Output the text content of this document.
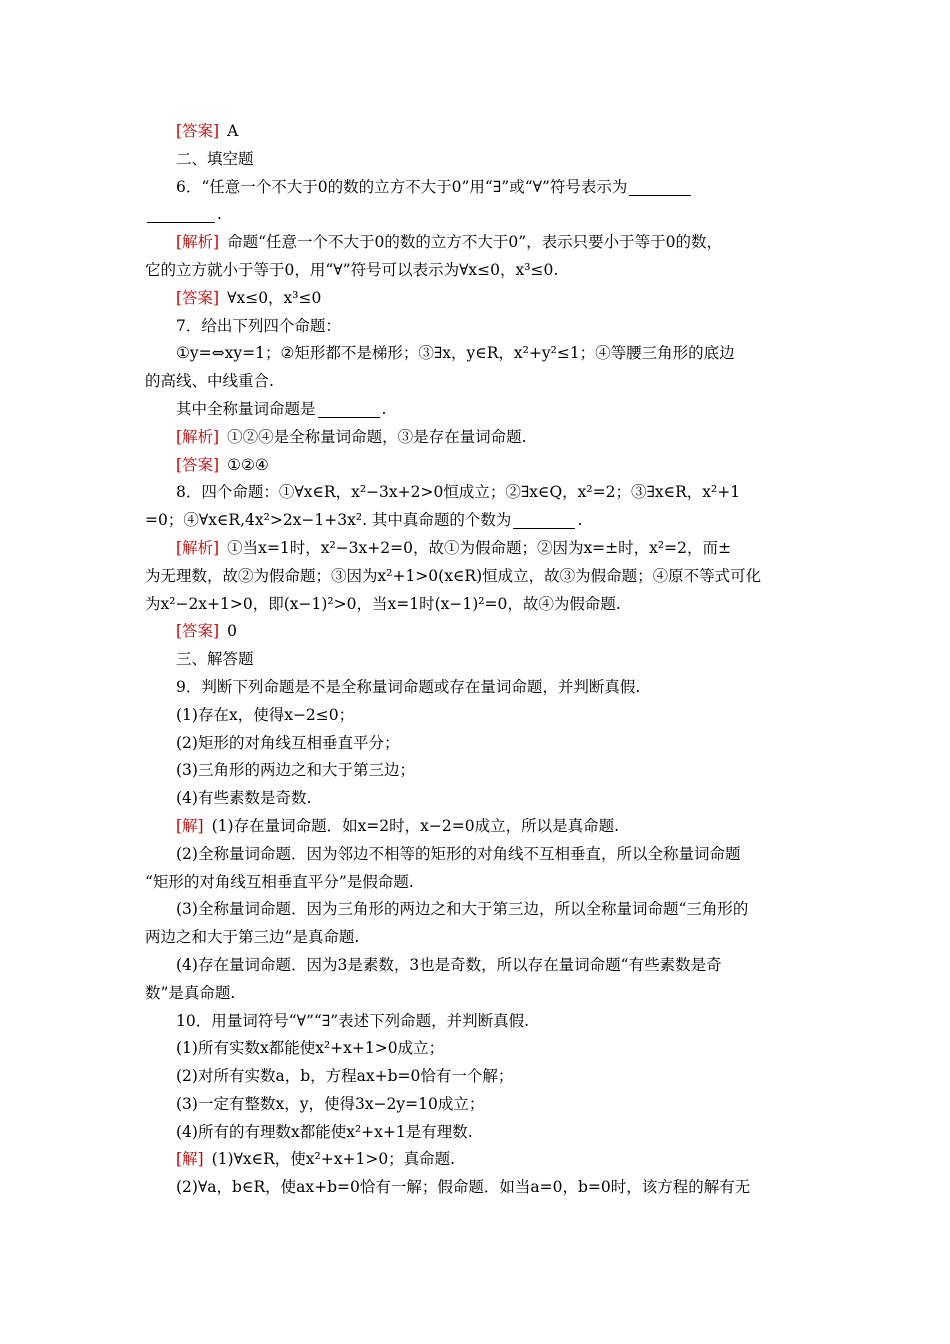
[答案] A
二、填空题
6．“任意一个不大于0的数的立方不大于0”用“∃”或“∀”符号表示为
.
[解析] 命题“任意一个不大于0的数的立方不大于0”，表示只要小于等于0的数，
它的立方就小于等于0，用“∀”符号可以表示为∀x≤0，x³≤0.
[答案] ∀x≤0，x³≤0
7．给出下列四个命题：
①y=⇔xy=1；②矩形都不是梯形；③∃x，y∈R，x²+y²≤1；④等腰三角形的底边
的高线、中线重合.
其中全称量词命题是	.
[解析] ①②④是全称量词命题，③是存在量词命题.
[答案] ①②④
8．四个命题：①∀x∈R，x²−3x+2>0恒成立；②∃x∈Q，x²=2；③∃x∈R，x²+1
=0；④∀x∈R,4x²>2x−1+3x². 其中真命题的个数为	.
[解析] ①当x=1时，x²−3x+2=0，故①为假命题；②因为x=±时，x²=2，而±
为无理数，故②为假命题；③因为x²+1>0(x∈R)恒成立，故③为假命题；④原不等式可化
为x²−2x+1>0，即(x−1)²>0，当x=1时(x−1)²=0，故④为假命题.
[答案] 0
三、解答题
9．判断下列命题是不是全称量词命题或存在量词命题，并判断真假.
(1)存在x，使得x−2≤0；
(2)矩形的对角线互相垂直平分；
(3)三角形的两边之和大于第三边；
(4)有些素数是奇数.
[解] (1)存在量词命题．如x=2时，x−2=0成立，所以是真命题.
(2)全称量词命题．因为邻边不相等的矩形的对角线不互相垂直，所以全称量词命题
“矩形的对角线互相垂直平分”是假命题.
(3)全称量词命题．因为三角形的两边之和大于第三边，所以全称量词命题“三角形的
两边之和大于第三边”是真命题.
(4)存在量词命题．因为3是素数，3也是奇数，所以存在量词命题“有些素数是奇
数”是真命题.
10．用量词符号“∀”“∃”表述下列命题，并判断真假.
(1)所有实数x都能使x²+x+1>0成立；
(2)对所有实数a，b，方程ax+b=0恰有一个解；
(3)一定有整数x，y，使得3x−2y=10成立；
(4)所有的有理数x都能使x²+x+1是有理数.
[解] (1)∀x∈R，使x²+x+1>0；真命题.
(2)∀a，b∈R，使ax+b=0恰有一解；假命题．如当a=0，b=0时，该方程的解有无
